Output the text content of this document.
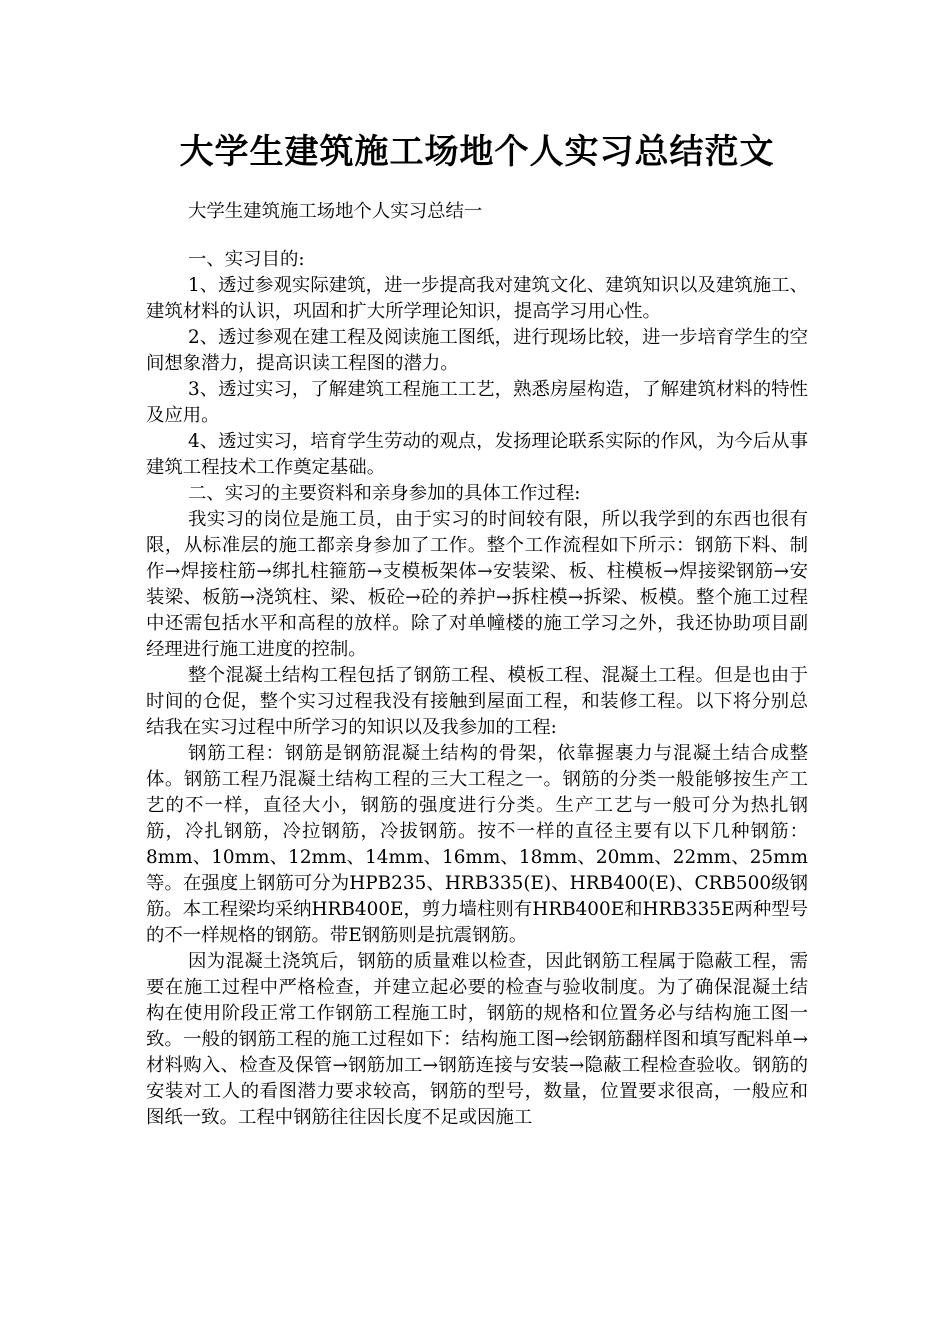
大学生建筑施工场地个人实习总结范文

大学生建筑施工场地个人实习总结一

一、实习目的:

1、透过参观实际建筑，进一步提高我对建筑文化、建筑知识以及建筑施工、建筑材料的认识，巩固和扩大所学理论知识，提高学习用心性。

2、透过参观在建工程及阅读施工图纸，进行现场比较，进一步培育学生的空间想象潜力，提高识读工程图的潜力。

3、透过实习，了解建筑工程施工工艺，熟悉房屋构造，了解建筑材料的特性及应用。

4、透过实习，培育学生劳动的观点，发扬理论联系实际的作风，为今后从事建筑工程技术工作奠定基础。

二、实习的主要资料和亲身参加的具体工作过程:

我实习的岗位是施工员，由于实习的时间较有限，所以我学到的东西也很有限，从标准层的施工都亲身参加了工作。整个工作流程如下所示：钢筋下料、制作→焊接柱筋→绑扎柱箍筋→支模板架体→安装梁、板、柱模板→焊接梁钢筋→安装梁、板筋→浇筑柱、梁、板砼→砼的养护→拆柱模→拆梁、板模。整个施工过程中还需包括水平和高程的放样。除了对单幢楼的施工学习之外，我还协助项目副经理进行施工进度的控制。

整个混凝土结构工程包括了钢筋工程、模板工程、混凝土工程。但是也由于时间的仓促，整个实习过程我没有接触到屋面工程，和装修工程。以下将分别总结我在实习过程中所学习的知识以及我参加的工程:

钢筋工程：钢筋是钢筋混凝土结构的骨架，依靠握裹力与混凝土结合成整体。钢筋工程乃混凝土结构工程的三大工程之一。钢筋的分类一般能够按生产工艺的不一样，直径大小，钢筋的强度进行分类。生产工艺与一般可分为热扎钢筋，冷扎钢筋，冷拉钢筋，冷拔钢筋。按不一样的直径主要有以下几种钢筋：8mm、10mm、12mm、14mm、16mm、18mm、20mm、22mm、25mm等。在强度上钢筋可分为HPB235、HRB335(E)、HRB400(E)、CRB500级钢筋。本工程梁均采纳HRB400E，剪力墙柱则有HRB400E和HRB335E两种型号的不一样规格的钢筋。带E钢筋则是抗震钢筋。

因为混凝土浇筑后，钢筋的质量难以检查，因此钢筋工程属于隐蔽工程，需要在施工过程中严格检查，并建立起必要的检查与验收制度。为了确保混凝土结构在使用阶段正常工作钢筋工程施工时，钢筋的规格和位置务必与结构施工图一致。一般的钢筋工程的施工过程如下：结构施工图→绘钢筋翻样图和填写配料单→材料购入、检查及保管→钢筋加工→钢筋连接与安装→隐蔽工程检查验收。钢筋的安装对工人的看图潜力要求较高，钢筋的型号，数量，位置要求很高，一般应和图纸一致。工程中钢筋往往因长度不足或因施工
